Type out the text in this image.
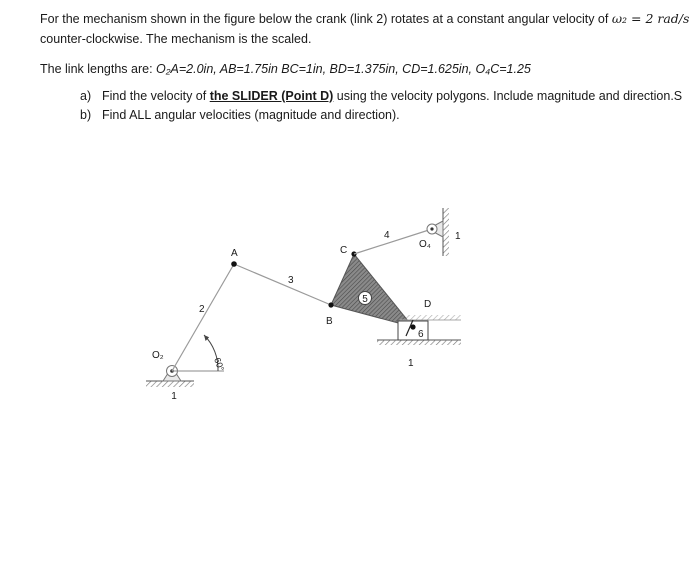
For the mechanism shown in the figure below the crank (link 2) rotates at a constant angular velocity of ω₂ = 2 rad/s
counter-clockwise. The mechanism is the scaled.
The link lengths are: O₂A=2.0in, AB=1.75in BC=1in, BD=1.375in, CD=1.625in, O₄C=1.25
a) Find the velocity of the SLIDER (Point D) using the velocity polygons. Include magnitude and direction.S
b) Find ALL angular velocities (magnitude and direction).
1
60°
2
O₂
3
A
5
B
C
4	1
O₄
1
6
D
